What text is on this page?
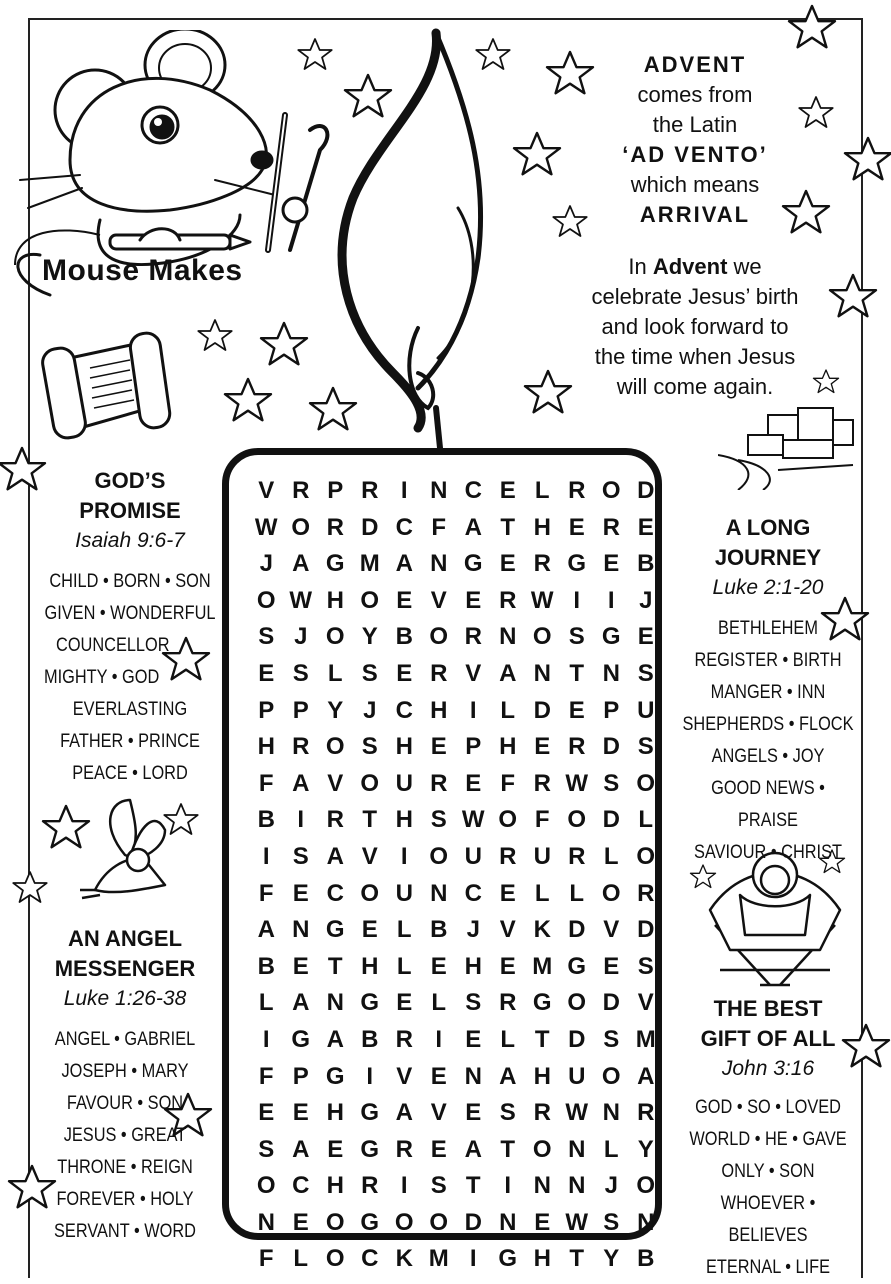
Mouse Makes

ADVENT

comes from

the Latin

‘AD VENTO’

which means

ARRIVAL

In Advent we

celebrate Jesus’ birth

and look forward to

the time when Jesus

will come again.

GOD’S
PROMISE
Isaiah 9:6-7
CHILD • BORN • SON
GIVEN • WONDERFUL
COUNCELLOR
MIGHTY • GOD
EVERLASTING
FATHER • PRINCE
PEACE • LORD
AN ANGEL
MESSENGER
Luke 1:26-38
ANGEL • GABRIEL
JOSEPH • MARY
FAVOUR • SON
JESUS • GREAT
THRONE • REIGN
FOREVER • HOLY
SERVANT • WORD
A LONG
JOURNEY
Luke 2:1-20
BETHLEHEM
REGISTER • BIRTH
MANGER • INN
SHEPHERDS • FLOCK
ANGELS • JOY
GOOD NEWS • PRAISE
SAVIOUR • CHRIST
THE BEST
GIFT OF ALL
John 3:16
GOD • SO • LOVED
WORLD • HE • GAVE
ONLY • SON
WHOEVER • BELIEVES
ETERNAL • LIFE
V R P R I N C E L R O D
W O R D C F A T H E R E
J A G M A N G E R G E B
O W H O E V E R W I	I	J
S J O Y B O R N O S G E
E S L S E R V A N T N S
P P Y J C H I L D E P U
H R O S H E P H E R D S
F A V O U R E F R W S O
B I R T H S W O F O D L
I S A V I O U R U R L O
F E C O U N C E L L O R
A N G E L B J V K D V D
B E T H L E H E M G E S
L A N G E L S R G O D V
I G A B R I E L T D S M
F P G I V E N A H U O A
E E H G A V E S R W N R
S A E G R E A T O N L Y
O C H R I S T I N N J O
N E O G O O D N E W S N
F L O C K M I G H T Y B
